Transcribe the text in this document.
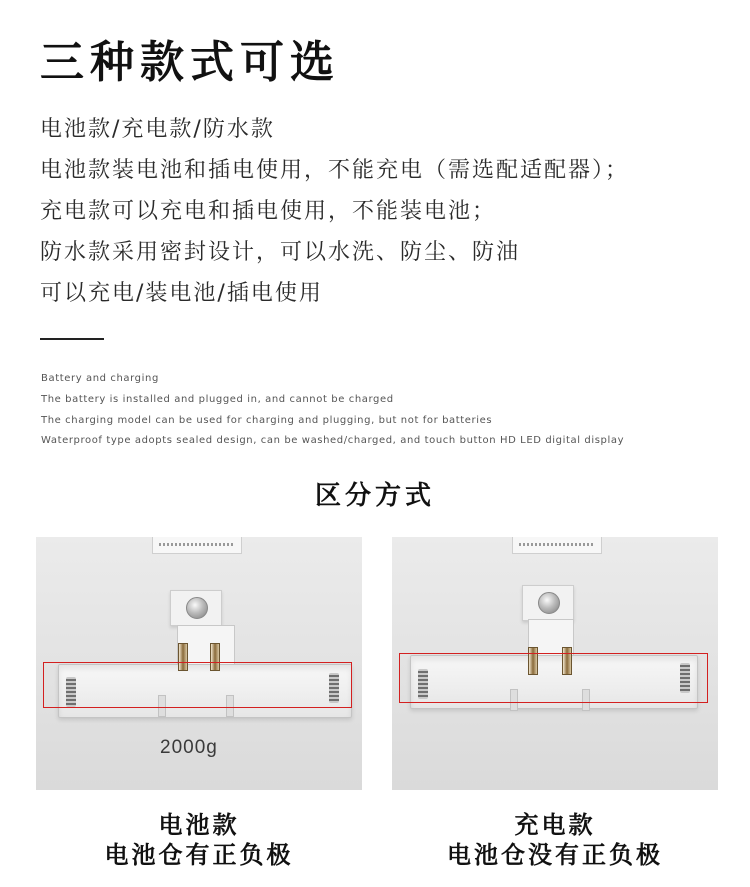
三种款式可选
电池款/充电款/防水款
电池款装电池和插电使用，不能充电（需选配适配器）；
充电款可以充电和插电使用，不能装电池；
防水款采用密封设计，可以水洗、防尘、防油
可以充电/装电池/插电使用
Battery and charging
The battery is installed and plugged in, and cannot be charged
The charging model can be used for charging and plugging, but not for batteries
Waterproof type adopts sealed design, can be washed/charged, and touch button HD LED digital display
区分方式
2000g
电池款
电池仓有正负极
充电款
电池仓没有正负极
